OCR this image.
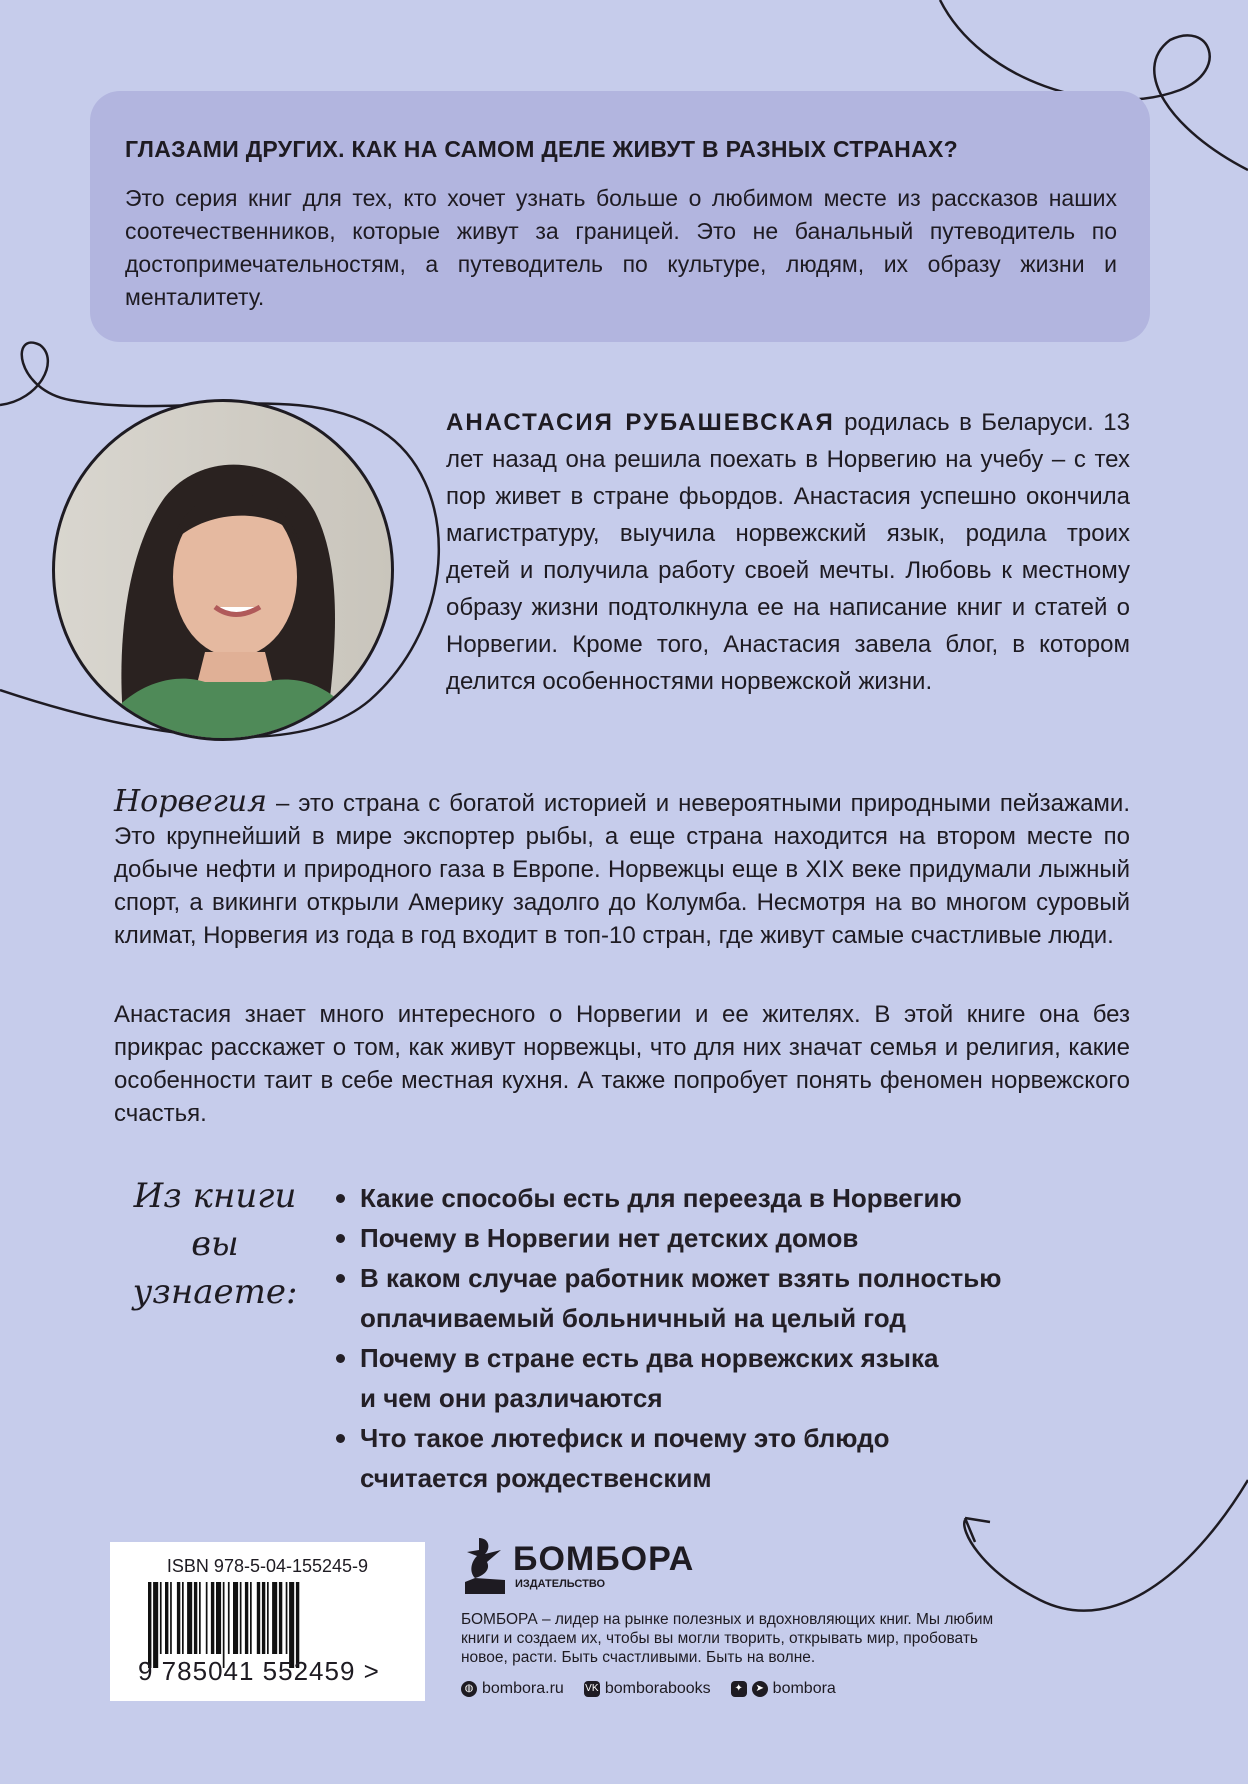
ГЛАЗАМИ ДРУГИХ. КАК НА САМОМ ДЕЛЕ ЖИВУТ В РАЗНЫХ СТРАНАХ?
Это серия книг для тех, кто хочет узнать больше о любимом месте из рассказов наших соотечественников, которые живут за границей. Это не банальный путеводитель по достопримечательностям, а путеводитель по культуре, людям, их образу жизни и менталитету.
АНАСТАСИЯ РУБАШЕВСКАЯ родилась в Беларуси. 13 лет назад она решила поехать в Норвегию на учебу – с тех пор живет в стране фьордов. Анастасия успешно окончила магистратуру, выучила норвежский язык, родила троих детей и получила работу своей мечты. Любовь к местному образу жизни подтолкнула ее на написание книг и статей о Норвегии. Кроме того, Анастасия завела блог, в котором делится особенностями норвежской жизни.
Норвегия – это страна с богатой историей и невероятными природными пейзажами. Это крупнейший в мире экспортер рыбы, а еще страна находится на втором месте по добыче нефти и природного газа в Европе. Норвежцы еще в XIX веке придумали лыжный спорт, а викинги открыли Америку задолго до Колумба. Несмотря на во многом суровый климат, Норвегия из года в год входит в топ-10 стран, где живут самые счастливые люди.
Анастасия знает много интересного о Норвегии и ее жителях. В этой книге она без прикрас расскажет о том, как живут норвежцы, что для них значат семья и религия, какие особенности таит в себе местная кухня. А также попробует понять феномен норвежского счастья.
Из книги
вы узнаете:
Какие способы есть для переезда в Норвегию
Почему в Норвегии нет детских домов
В каком случае работник может взять полностью оплачиваемый больничный на целый год
Почему в стране есть два норвежских языка и чем они различаются
Что такое лютефиск и почему это блюдо считается рождественским
ISBN 978-5-04-155245-9
9 785041 552459 >
БОМБОРА
ИЗДАТЕЛЬСТВО
БОМБОРА – лидер на рынке полезных и вдохновляющих книг. Мы любим книги и создаем их, чтобы вы могли творить, открывать мир, пробовать новое, расти. Быть счастливыми. Быть на волне.
◍ bombora.ru VK bomborabooks	✦	➤ bombora
